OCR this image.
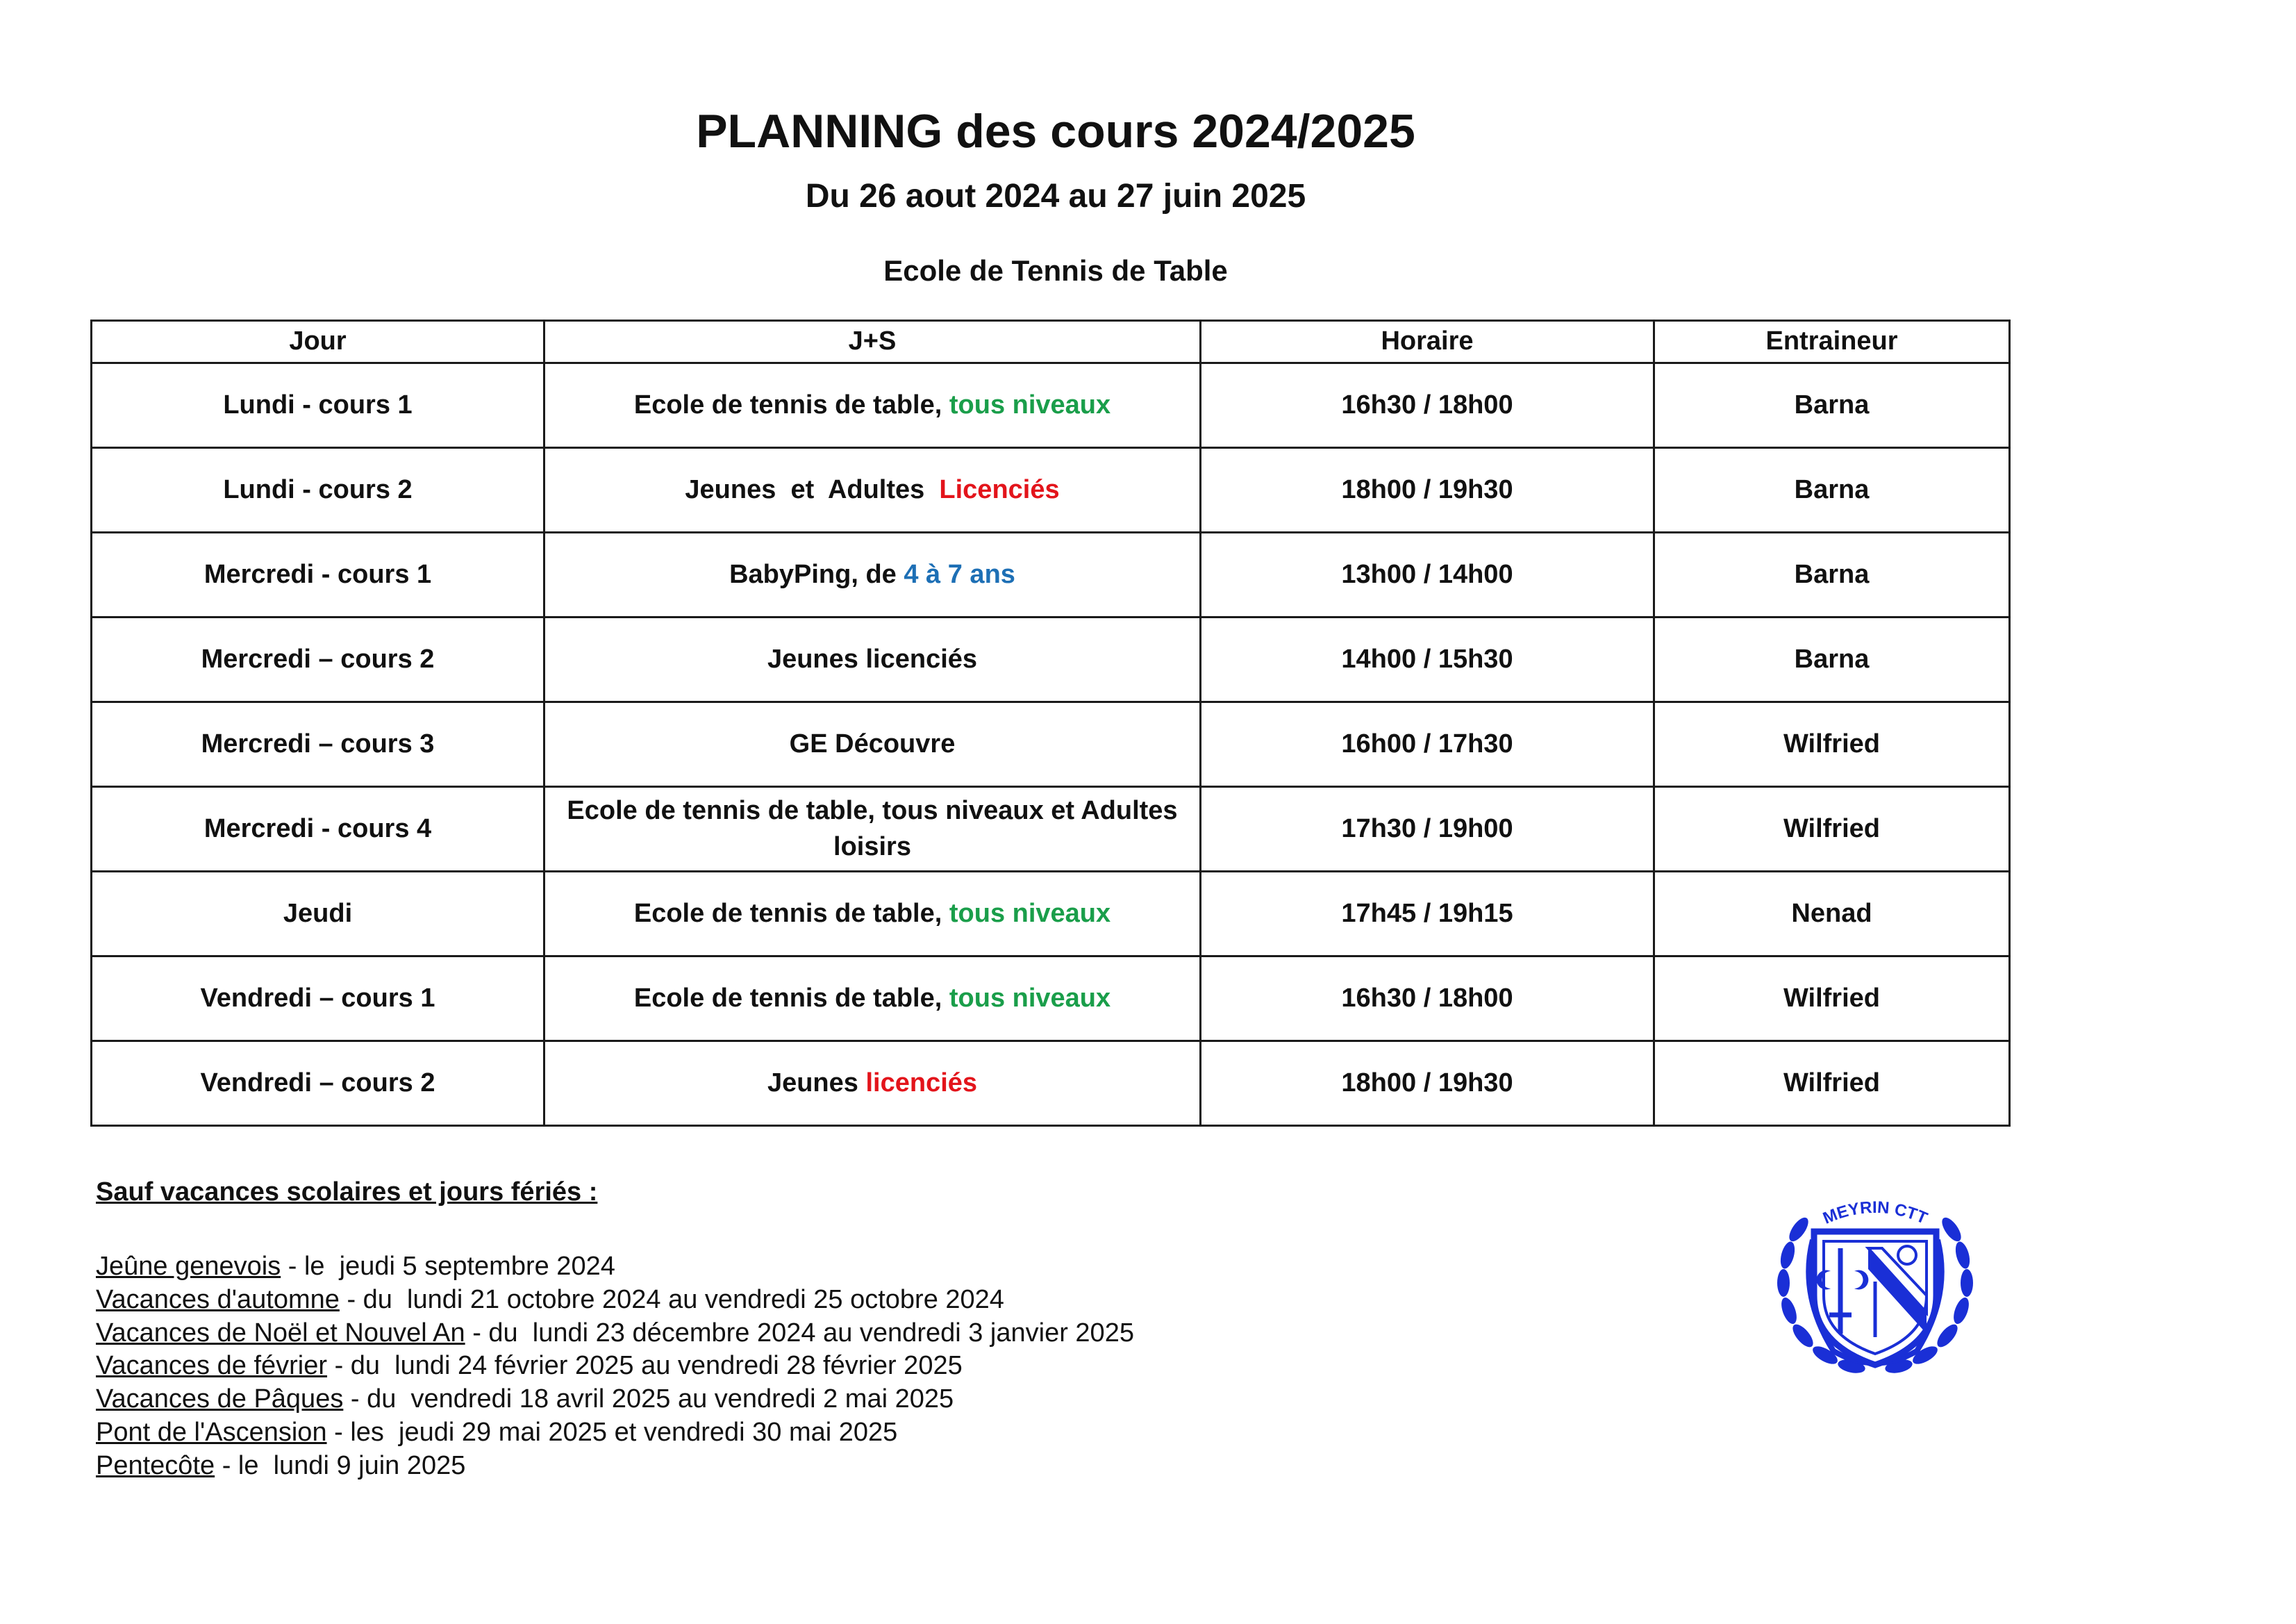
PLANNING des cours 2024/2025
Du 26 aout 2024 au 27 juin 2025
Ecole de Tennis de Table
Jour	J+S	Horaire	Entraineur
Lundi - cours 1	Ecole de tennis de table, tous niveaux	16h30 / 18h00	Barna
Lundi - cours 2	Jeunes  et  Adultes  Licenciés	18h00 / 19h30	Barna
Mercredi - cours 1	BabyPing, de 4 à 7 ans	13h00 / 14h00	Barna
Mercredi – cours 2	Jeunes licenciés	14h00 / 15h30	Barna
Mercredi – cours 3	GE Découvre	16h00 / 17h30	Wilfried
Mercredi - cours 4	Ecole de tennis de table, tous niveaux et Adultes loisirs	17h30 / 19h00	Wilfried
Jeudi	Ecole de tennis de table, tous niveaux	17h45 / 19h15	Nenad
Vendredi – cours 1	Ecole de tennis de table, tous niveaux	16h30 / 18h00	Wilfried
Vendredi – cours 2	Jeunes licenciés	18h00 / 19h30	Wilfried

Sauf vacances scolaires et jours fériés :

Jeûne genevois - le  jeudi 5 septembre 2024
Vacances d'automne - du  lundi 21 octobre 2024 au vendredi 25 octobre 2024
Vacances de Noël et Nouvel An - du  lundi 23 décembre 2024 au vendredi 3 janvier 2025
Vacances de février - du  lundi 24 février 2025 au vendredi 28 février 2025
Vacances de Pâques - du  vendredi 18 avril 2025 au vendredi 2 mai 2025
Pont de l'Ascension - les  jeudi 29 mai 2025 et vendredi 30 mai 2025
Pentecôte - le  lundi 9 juin 2025
MEYRIN CTT
